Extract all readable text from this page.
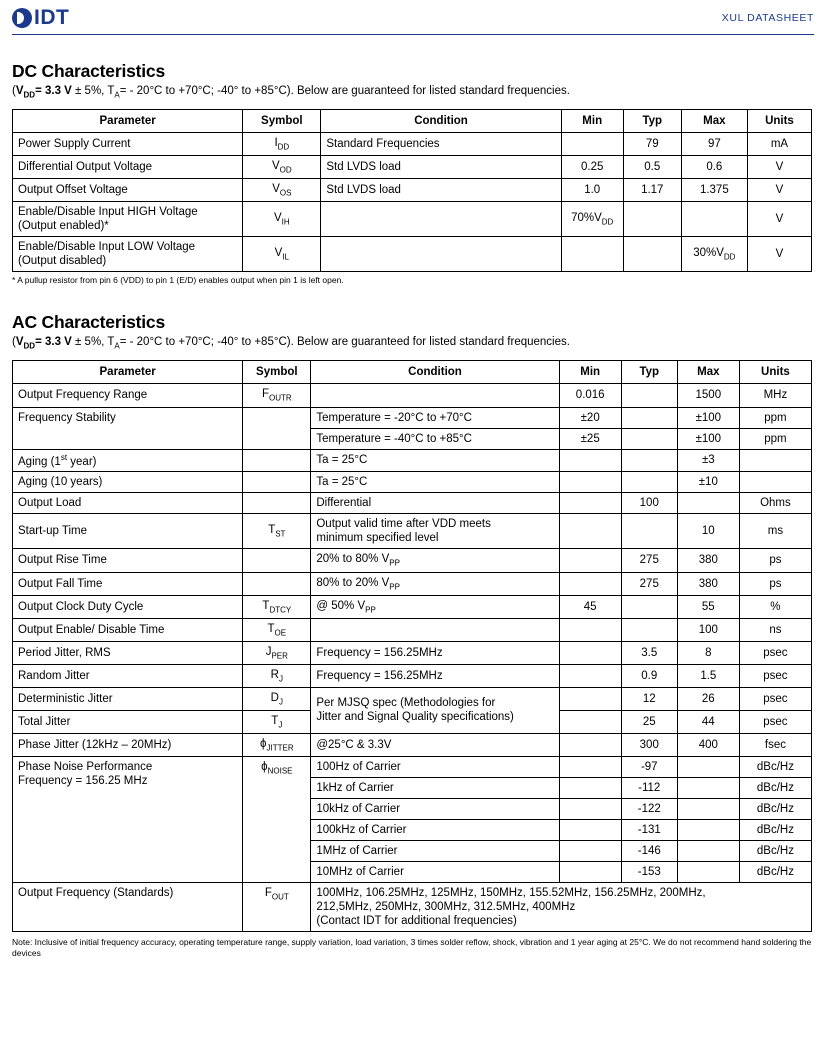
IDT	XUL DATASHEET
DC Characteristics

($V_{DD}= 3.3$ V ± 5%, $T_A= - 20^\circ C$ to +70°C; -40° to +85°C). Below are guaranteed for listed standard frequencies.

Parameter	Symbol	Condition	Min	Typ	Max	Units
Power Supply Current	$I_{DD}$	Standard Frequencies		79	97	mA
Differential Output Voltage	$V_{OD}$	Std LVDS load	0.25	0.5	0.6	V
Output Offset Voltage	$V_{OS}$	Std LVDS load	1.0	1.17	1.375	V
Enable/Disable Input HIGH Voltage
(Output enabled)*	$V_{IH}$		$70\%V_{DD}$			V
Enable/Disable Input LOW Voltage
(Output disabled)	$V_{IL}$				$30\%V_{DD}$	V

* A pullup resistor from pin 6 (VDD) to pin 1 (E/D) enables output when pin 1 is left open.

AC Characteristics

($V_{DD}= 3.3$ V ± 5%, $T_A= - 20^\circ C$ to +70°C; -40° to +85°C). Below are guaranteed for listed standard frequencies.

Parameter	Symbol	Condition	Min	Typ	Max	Units
Output Frequency Range	$F_{OUTR}$		0.016		1500	MHz
Frequency Stability		Temperature = -20°C to +70°C	±20		±100	ppm
		Temperature = -40°C to +85°C	±25		±100	ppm
Aging (1st year)		Ta = 25°C			±3	
Aging (10 years)		Ta = 25°C			±10	
Output Load		Differential		100		Ohms
Start-up Time	$T_{ST}$	Output valid time after VDD meets
minimum specified level			10	ms
Output Rise Time		20% to 80% $V_{PP}$		275	380	ps
Output Fall Time		80% to 20% $V_{PP}$		275	380	ps
Output Clock Duty Cycle	$T_{DTCY}$	@ 50% $V_{PP}$	45		55	%
Output Enable/ Disable Time	$T_{OE}$				100	ns
Period Jitter, RMS	$J_{PER}$	Frequency = 156.25MHz		3.5	8	psec
Random Jitter	$R_J$	Frequency = 156.25MHz		0.9	1.5	psec
Deterministic Jitter	$D_J$	Per MJSQ spec (Methodologies for
Jitter and Signal Quality specifications)		12	26	psec
Total Jitter	$T_J$			25	44	psec
Phase Jitter (12kHz – 20MHz)	$\phi_{JITTER}$	@25°C & 3.3V		300	400	fsec
Phase Noise Performance
Frequency = 156.25 MHz	$\phi_{NOISE}$	100Hz of Carrier		-97		dBc/Hz
		1kHz of Carrier		-112		dBc/Hz
		10kHz of Carrier		-122		dBc/Hz
		100kHz of Carrier		-131		dBc/Hz
		1MHz of Carrier		-146		dBc/Hz
		10MHz of Carrier		-153		dBc/Hz
Output Frequency (Standards)	$F_{OUT}$	100MHz, 106.25MHz, 125MHz, 150MHz, 155.52MHz, 156.25MHz, 200MHz,
212,5MHz, 250MHz, 300MHz, 312.5MHz, 400MHz
(Contact IDT for additional frequencies)				

Note: Inclusive of initial frequency accuracy, operating temperature range, supply variation, load variation, 3 times solder reflow, shock, vibration and 1 year aging at 25°C. We do not recommend hand soldering the devices
